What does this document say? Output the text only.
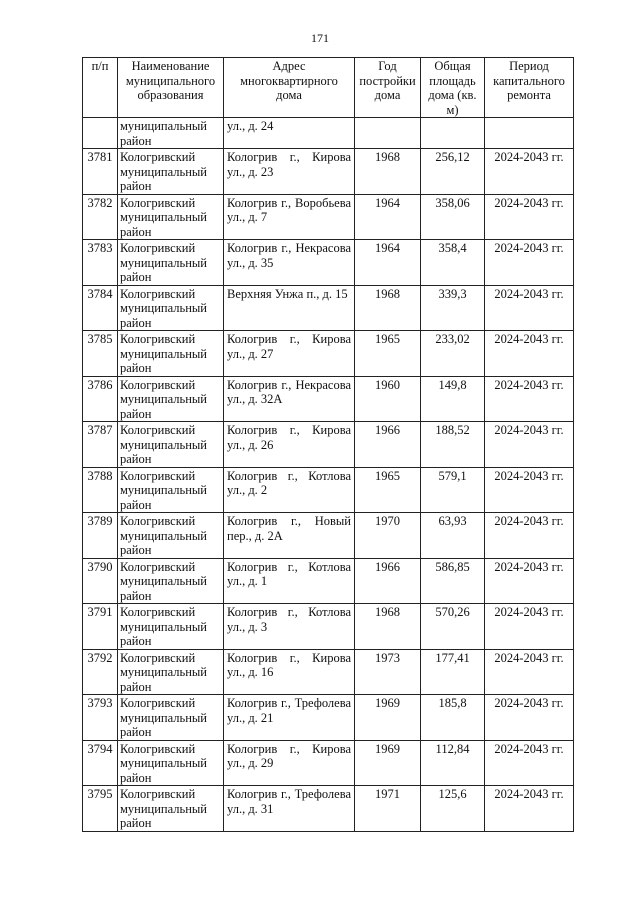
171
п/п	Наименование муниципального образования	Адрес многоквартирного дома	Год постройки дома	Общая площадь дома (кв. м)	Период капитального ремонта
	муниципальный район	ул., д. 24			
3781	Кологривский муниципальный район	Кологрив г., Кирова ул., д. 23	1968	256,12	2024-2043 гг.
3782	Кологривский муниципальный район	Кологрив г., Воробьева ул., д. 7	1964	358,06	2024-2043 гг.
3783	Кологривский муниципальный район	Кологрив г., Некрасова ул., д. 35	1964	358,4	2024-2043 гг.
3784	Кологривский муниципальный район	Верхняя Унжа п., д. 15	1968	339,3	2024-2043 гг.
3785	Кологривский муниципальный район	Кологрив г., Кирова ул., д. 27	1965	233,02	2024-2043 гг.
3786	Кологривский муниципальный район	Кологрив г., Некрасова ул., д. 32А	1960	149,8	2024-2043 гг.
3787	Кологривский муниципальный район	Кологрив г., Кирова ул., д. 26	1966	188,52	2024-2043 гг.
3788	Кологривский муниципальный район	Кологрив г., Котлова ул., д. 2	1965	579,1	2024-2043 гг.
3789	Кологривский муниципальный район	Кологрив г., Новый пер., д. 2А	1970	63,93	2024-2043 гг.
3790	Кологривский муниципальный район	Кологрив г., Котлова ул., д. 1	1966	586,85	2024-2043 гг.
3791	Кологривский муниципальный район	Кологрив г., Котлова ул., д. 3	1968	570,26	2024-2043 гг.
3792	Кологривский муниципальный район	Кологрив г., Кирова ул., д. 16	1973	177,41	2024-2043 гг.
3793	Кологривский муниципальный район	Кологрив г., Трефолева ул., д. 21	1969	185,8	2024-2043 гг.
3794	Кологривский муниципальный район	Кологрив г., Кирова ул., д. 29	1969	112,84	2024-2043 гг.
3795	Кологривский муниципальный район	Кологрив г., Трефолева ул., д. 31	1971	125,6	2024-2043 гг.
